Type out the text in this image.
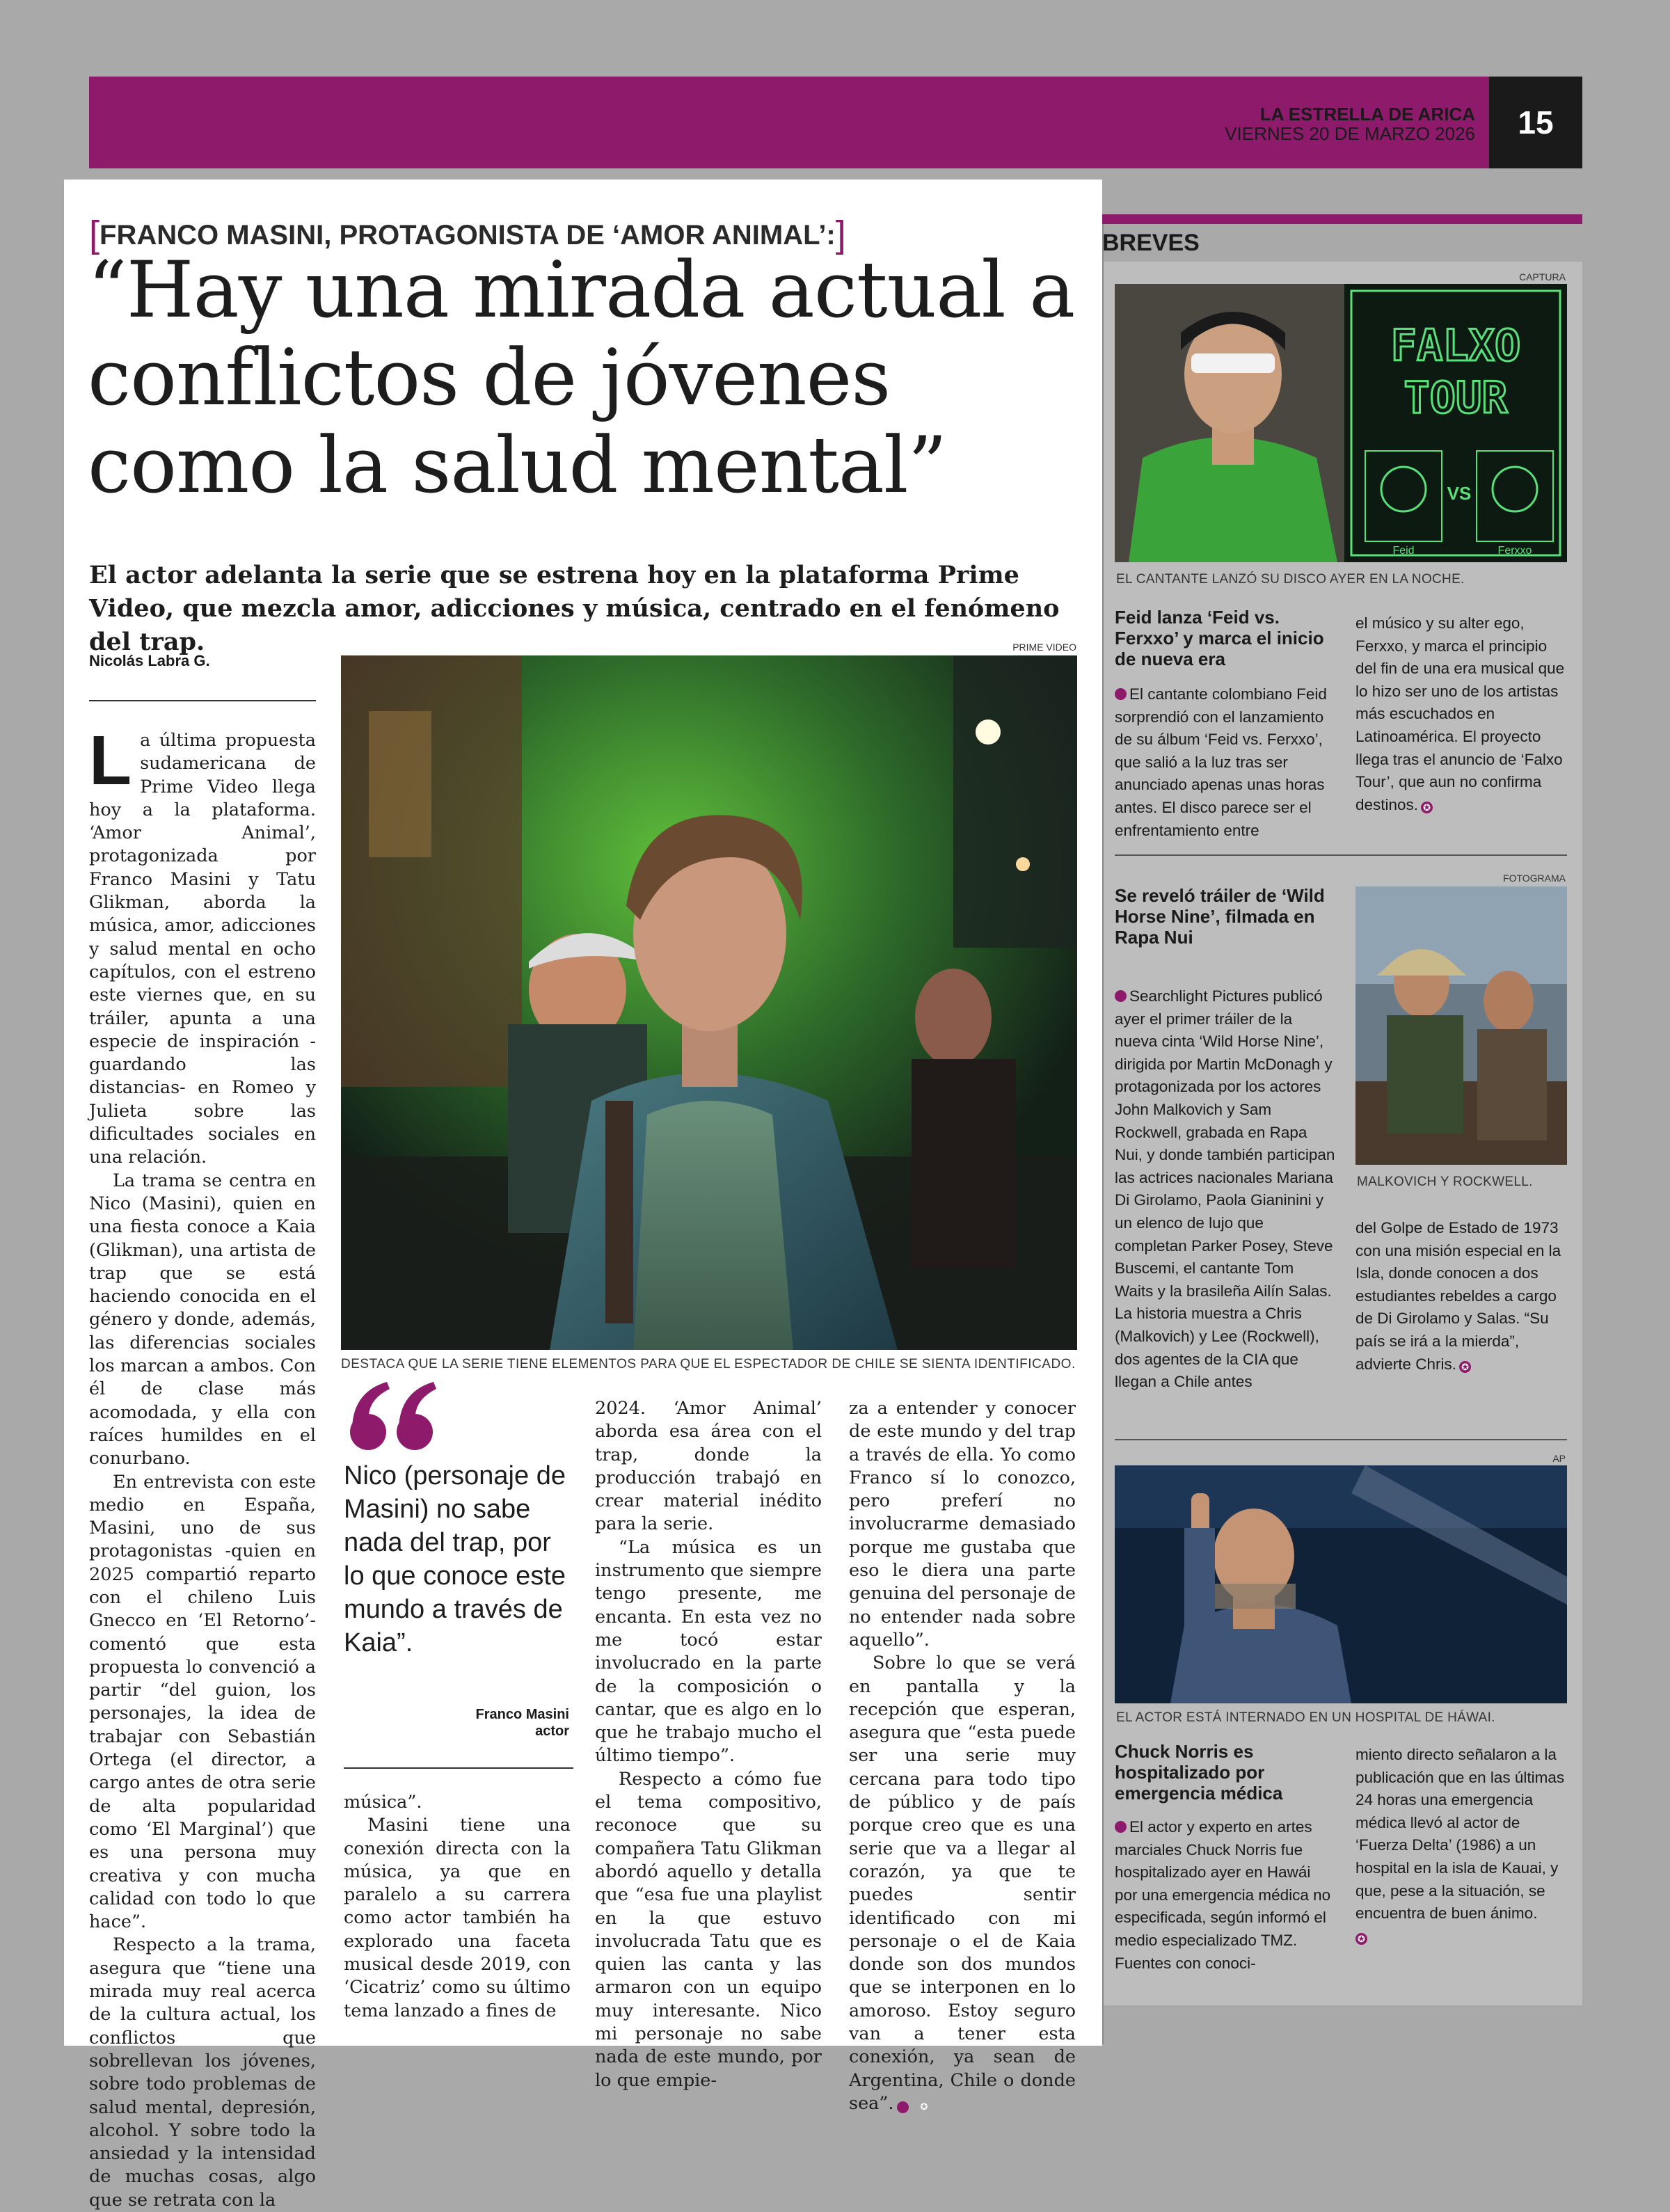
LA ESTRELLA DE ARICA
VIERNES 20 DE MARZO 2026	15
[FRANCO MASINI, PROTAGONISTA DE ‘AMOR ANIMAL’:]
“Hay una mirada actual a conflictos de jóvenes como la salud mental”
El actor adelanta la serie que se estrena hoy en la plataforma Prime Video, que mezcla amor, adicciones y música, centrado en el fenómeno del trap.
Nicolás Labra G.
PRIME VIDEO
DESTACA QUE LA SERIE TIENE ELEMENTOS PARA QUE EL ESPECTADOR DE CHILE SE SIENTA IDENTIFICADO.
L a última propuesta sudamericana de Prime Video llega hoy a la plataforma. ‘Amor Animal’, protagonizada por Franco Masini y Tatu Glikman, aborda la música, amor, adicciones y salud mental en ocho capítulos, con el estreno este viernes que, en su tráiler, apunta a una especie de inspiración -guardando las distancias- en Romeo y Julieta sobre las dificultades sociales en una relación.

La trama se centra en Nico (Masini), quien en una fiesta conoce a Kaia (Glikman), una artista de trap que se está haciendo conocida en el género y donde, además, las diferencias sociales los marcan a ambos. Con él de clase más acomodada, y ella con raíces humildes en el conurbano.

En entrevista con este medio en España, Masini, uno de sus protagonistas -quien en 2025 compartió reparto con el chileno Luis Gnecco en ‘El Retorno’- comentó que esta propuesta lo convenció a partir “del guion, los personajes, la idea de trabajar con Sebastián Ortega (el director, a cargo antes de otra serie de alta popularidad como ‘El Marginal’) que es una persona muy creativa y con mucha calidad con todo lo que hace”.

Respecto a la trama, asegura que “tiene una mirada muy real acerca de la cultura actual, los conflictos que sobrellevan los jóvenes, sobre todo problemas de salud mental, depresión, alcohol. Y sobre todo la ansiedad y la intensidad de muchas cosas, algo que se retrata con la

Nico (personaje de Masini) no sabe nada del trap, por lo que conoce este mundo a través de Kaia”.
Franco Masini
actor

música”.

Masini tiene una conexión directa con la música, ya que en paralelo a su carrera como actor también ha explorado una faceta musical desde 2019, con ‘Cicatriz’ como su último tema lanzado a fines de

2024. ‘Amor Animal’ aborda esa área con el trap, donde la producción trabajó en crear material inédito para la serie.

“La música es un instrumento que siempre tengo presente, me encanta. En esta vez no me tocó estar involucrado en la parte de la composición o cantar, que es algo en lo que he trabajo mucho el último tiempo”.

Respecto a cómo fue el tema compositivo, reconoce que su compañera Tatu Glikman abordó aquello y detalla que “esa fue una playlist en la que estuvo involucrada Tatu que es quien las canta y las armaron con un equipo muy interesante. Nico mi personaje no sabe nada de este mundo, por lo que empie-

za a entender y conocer de este mundo y del trap a través de ella. Yo como Franco sí lo conozco, pero preferí no involucrarme demasiado porque me gustaba que eso le diera una parte genuina del personaje de no entender nada sobre aquello”.

Sobre lo que se verá en pantalla y la recepción que esperan, asegura que “esta puede ser una serie muy cercana para todo tipo de público y de país porque creo que es una serie que va a llegar al corazón, ya que te puedes sentir identificado con mi personaje o el de Kaia donde son dos mundos que se interponen en lo amoroso. Estoy seguro van a tener esta conexión, ya sean de Argentina, Chile o donde sea”.	✪

BREVES
CAPTURA
FALXO
TOUR
VS
Feid	Ferxxo
EL CANTANTE LANZÓ SU DISCO AYER EN LA NOCHE.
Feid lanza ‘Feid vs. Ferxxo’ y marca el inicio de nueva era
El cantante colombiano Feid sorprendió con el lanzamiento de su álbum ‘Feid vs. Ferxxo’, que salió a la luz tras ser anunciado apenas unas horas antes. El disco parece ser el enfrentamiento entre
el músico y su alter ego, Ferxxo, y marca el principio del fin de una era musical que lo hizo ser uno de los artistas más escuchados en Latinoamérica. El proyecto llega tras el anuncio de ‘Falxo Tour’, que aun no confirma destinos. ✪
FOTOGRAMA
Se reveló tráiler de ‘Wild Horse Nine’, filmada en Rapa Nui
MALKOVICH Y ROCKWELL.
Searchlight Pictures publicó ayer el primer tráiler de la nueva cinta ‘Wild Horse Nine’, dirigida por Martin McDonagh y protagonizada por los actores John Malkovich y Sam Rockwell, grabada en Rapa Nui, y donde también participan las actrices nacionales Mariana Di Girolamo, Paola Gianinini y un elenco de lujo que completan Parker Posey, Steve Buscemi, el cantante Tom Waits y la brasileña Ailín Salas. La historia muestra a Chris (Malkovich) y Lee (Rockwell), dos agentes de la CIA que llegan a Chile antes
del Golpe de Estado de 1973 con una misión especial en la Isla, donde conocen a dos estudiantes rebeldes a cargo de Di Girolamo y Salas. “Su país se irá a la mierda”, advierte Chris. ✪
AP
EL ACTOR ESTÁ INTERNADO EN UN HOSPITAL DE HÁWAI.
Chuck Norris es hospitalizado por emergencia médica
El actor y experto en artes marciales Chuck Norris fue hospitalizado ayer en Hawái por una emergencia médica no especificada, según informó el medio especializado TMZ. Fuentes con conoci-
miento directo señalaron a la publicación que en las últimas 24 horas una emergencia médica llevó al actor de ‘Fuerza Delta’ (1986) a un hospital en la isla de Kauai, y que, pese a la situación, se encuentra de buen ánimo.
✪
